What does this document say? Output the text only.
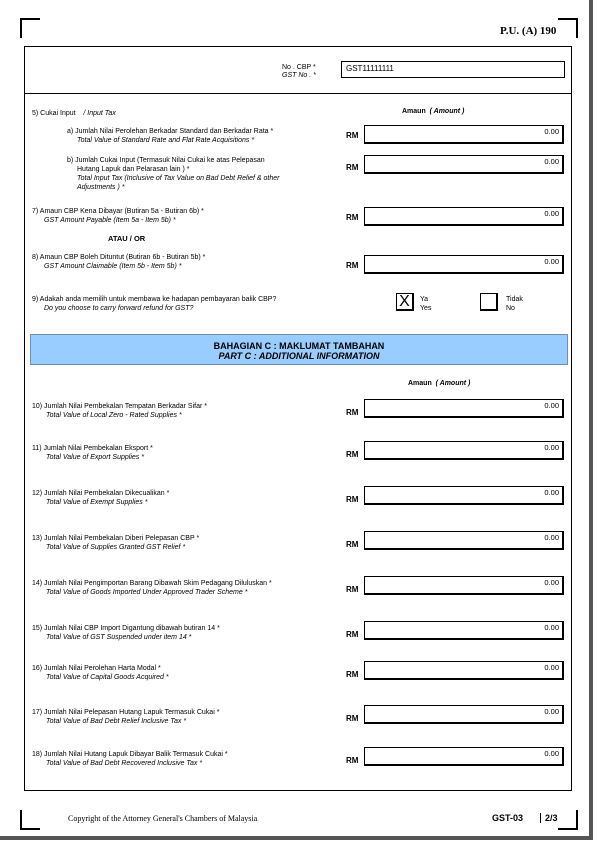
P.U. (A) 190
No . CBP *
GST No . *
GST11111111
5) Cukai Input / Input Tax	Amaun ( Amount )
a) Jumlah Nilai Perolehan Berkadar Standard dan Berkadar Rata *
Total Value of Standard Rate and Flat Rate Acquisitions *
RM	0.00
b) Jumlah Cukai Input (Termasuk Nilai Cukai ke atas Pelepasan
Hutang Lapuk dan Pelarasan lain ) *
Total Input Tax (Inclusive of Tax Value on Bad Debt Relief & other
Adjustments ) *
RM
0.00
7) Amaun CBP Kena Dibayar (Butiran 5a - Butiran 6b) *
GST Amount Payable (Item 5a - Item 5b) *	RM	0.00
ATAU / OR
8) Amaun CBP Boleh Dituntut (Butiran 6b - Butiran 5b) *
GST Amount Claimable (Item 5b - Item 5b) *	RM	0.00
9) Adakah anda memilih untuk membawa ke hadapan pembayaran balik CBP?
Do you choose to carry forward refund for GST?	X	Ya
Yes
Tidak
No
BAHAGIAN C : MAKLUMAT TAMBAHAN
PART C : ADDITIONAL INFORMATION
Amaun ( Amount )
10) Jumlah Nilai Pembekalan Tempatan Berkadar Sifar *
Total Value of Local Zero - Rated Supplies *	RM
0.00
11) Jumlah Nilai Pembekalan Eksport *
Total Value of Export Supplies *	RM
0.00
12) Jumlah Nilai Pembekalan Dikecualikan *
Total Value of Exempt Supplies *	RM
0.00
13) Jumlah Nilai Pembekalan Diberi Pelepasan CBP *
Total Value of Supplies Granted GST Relief *	RM
0.00
14) Jumlah Nilai Pengimportan Barang Dibawah Skim Pedagang Diluluskan *
Total Value of Goods Imported Under Approved Trader Scheme *	RM
0.00
15) Jumlah Nilai CBP Import Digantung dibawah butiran 14 *
Total Value of GST Suspended under item 14 *	RM
0.00
16) Jumlah Nilai Perolehan Harta Modal *
Total Value of Capital Goods Acquired *	RM
0.00
17) Jumlah Nilai Pelepasan Hutang Lapuk Termasuk Cukai *
Total Value of Bad Debt Relief Inclusive Tax *	RM
0.00
18) Jumlah Nilai Hutang Lapuk Dibayar Balik Termasuk Cukai *
Total Value of Bad Debt Recovered Inclusive Tax *	RM
0.00
Copyright of the Attorney General's Chambers of Malaysia	GST-03	2/3
